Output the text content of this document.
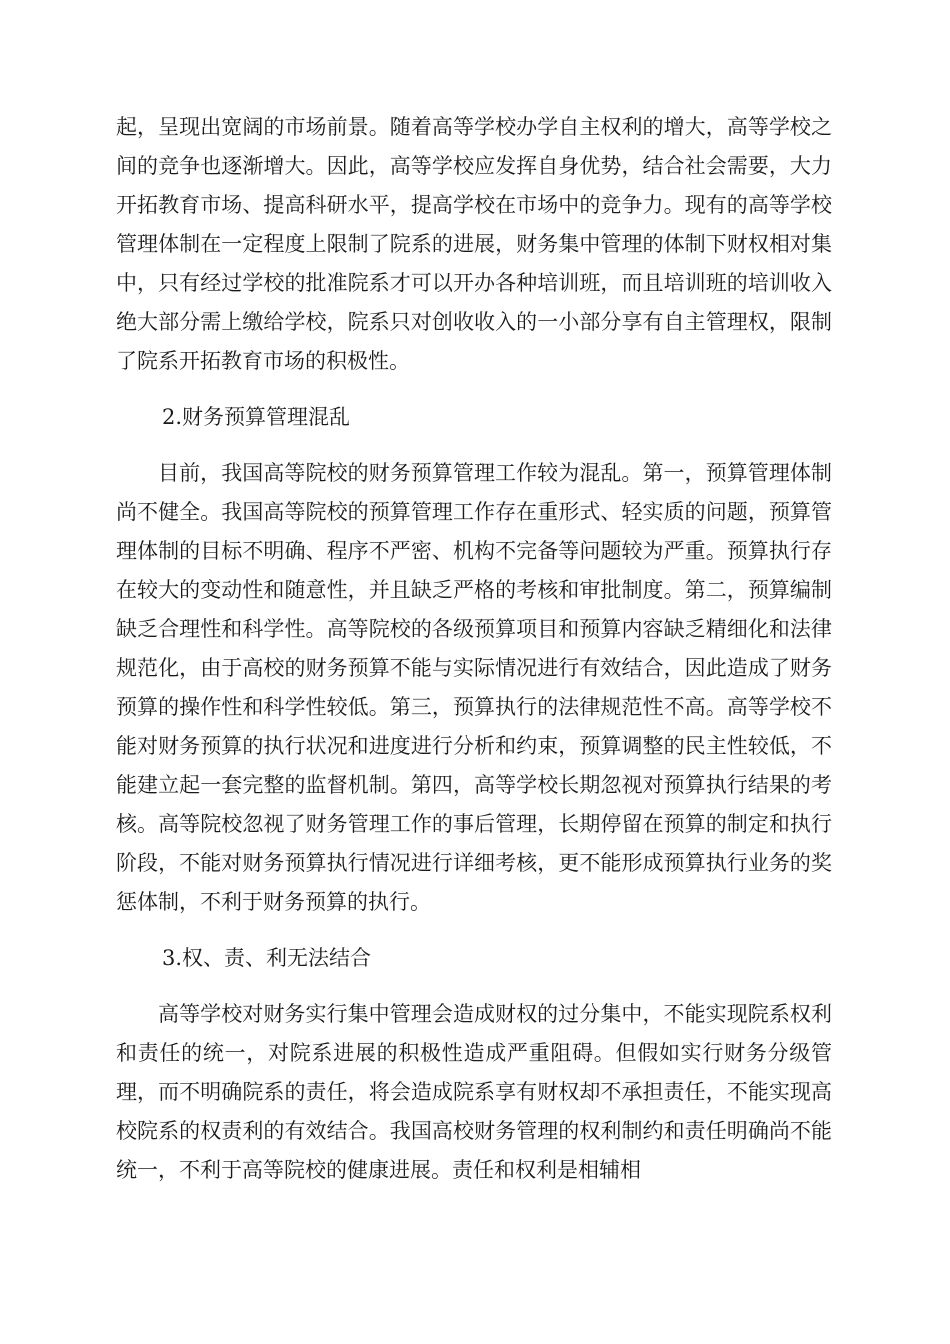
起，呈现出宽阔的市场前景。随着高等学校办学自主权利的增大，高等学校之间的竞争也逐渐增大。因此，高等学校应发挥自身优势，结合社会需要，大力开拓教育市场、提高科研水平，提高学校在市场中的竞争力。现有的高等学校管理体制在一定程度上限制了院系的进展，财务集中管理的体制下财权相对集中，只有经过学校的批准院系才可以开办各种培训班，而且培训班的培训收入绝大部分需上缴给学校，院系只对创收收入的一小部分享有自主管理权，限制了院系开拓教育市场的积极性。

2.财务预算管理混乱

目前，我国高等院校的财务预算管理工作较为混乱。第一，预算管理体制尚不健全。我国高等院校的预算管理工作存在重形式、轻实质的问题，预算管理体制的目标不明确、程序不严密、机构不完备等问题较为严重。预算执行存在较大的变动性和随意性，并且缺乏严格的考核和审批制度。第二，预算编制缺乏合理性和科学性。高等院校的各级预算项目和预算内容缺乏精细化和法律规范化，由于高校的财务预算不能与实际情况进行有效结合，因此造成了财务预算的操作性和科学性较低。第三，预算执行的法律规范性不高。高等学校不能对财务预算的执行状况和进度进行分析和约束，预算调整的民主性较低，不能建立起一套完整的监督机制。第四，高等学校长期忽视对预算执行结果的考核。高等院校忽视了财务管理工作的事后管理，长期停留在预算的制定和执行阶段，不能对财务预算执行情况进行详细考核，更不能形成预算执行业务的奖惩体制，不利于财务预算的执行。

3.权、责、利无法结合

高等学校对财务实行集中管理会造成财权的过分集中，不能实现院系权利和责任的统一，对院系进展的积极性造成严重阻碍。但假如实行财务分级管理，而不明确院系的责任，将会造成院系享有财权却不承担责任，不能实现高校院系的权责利的有效结合。我国高校财务管理的权利制约和责任明确尚不能统一，不利于高等院校的健康进展。责任和权利是相辅相
